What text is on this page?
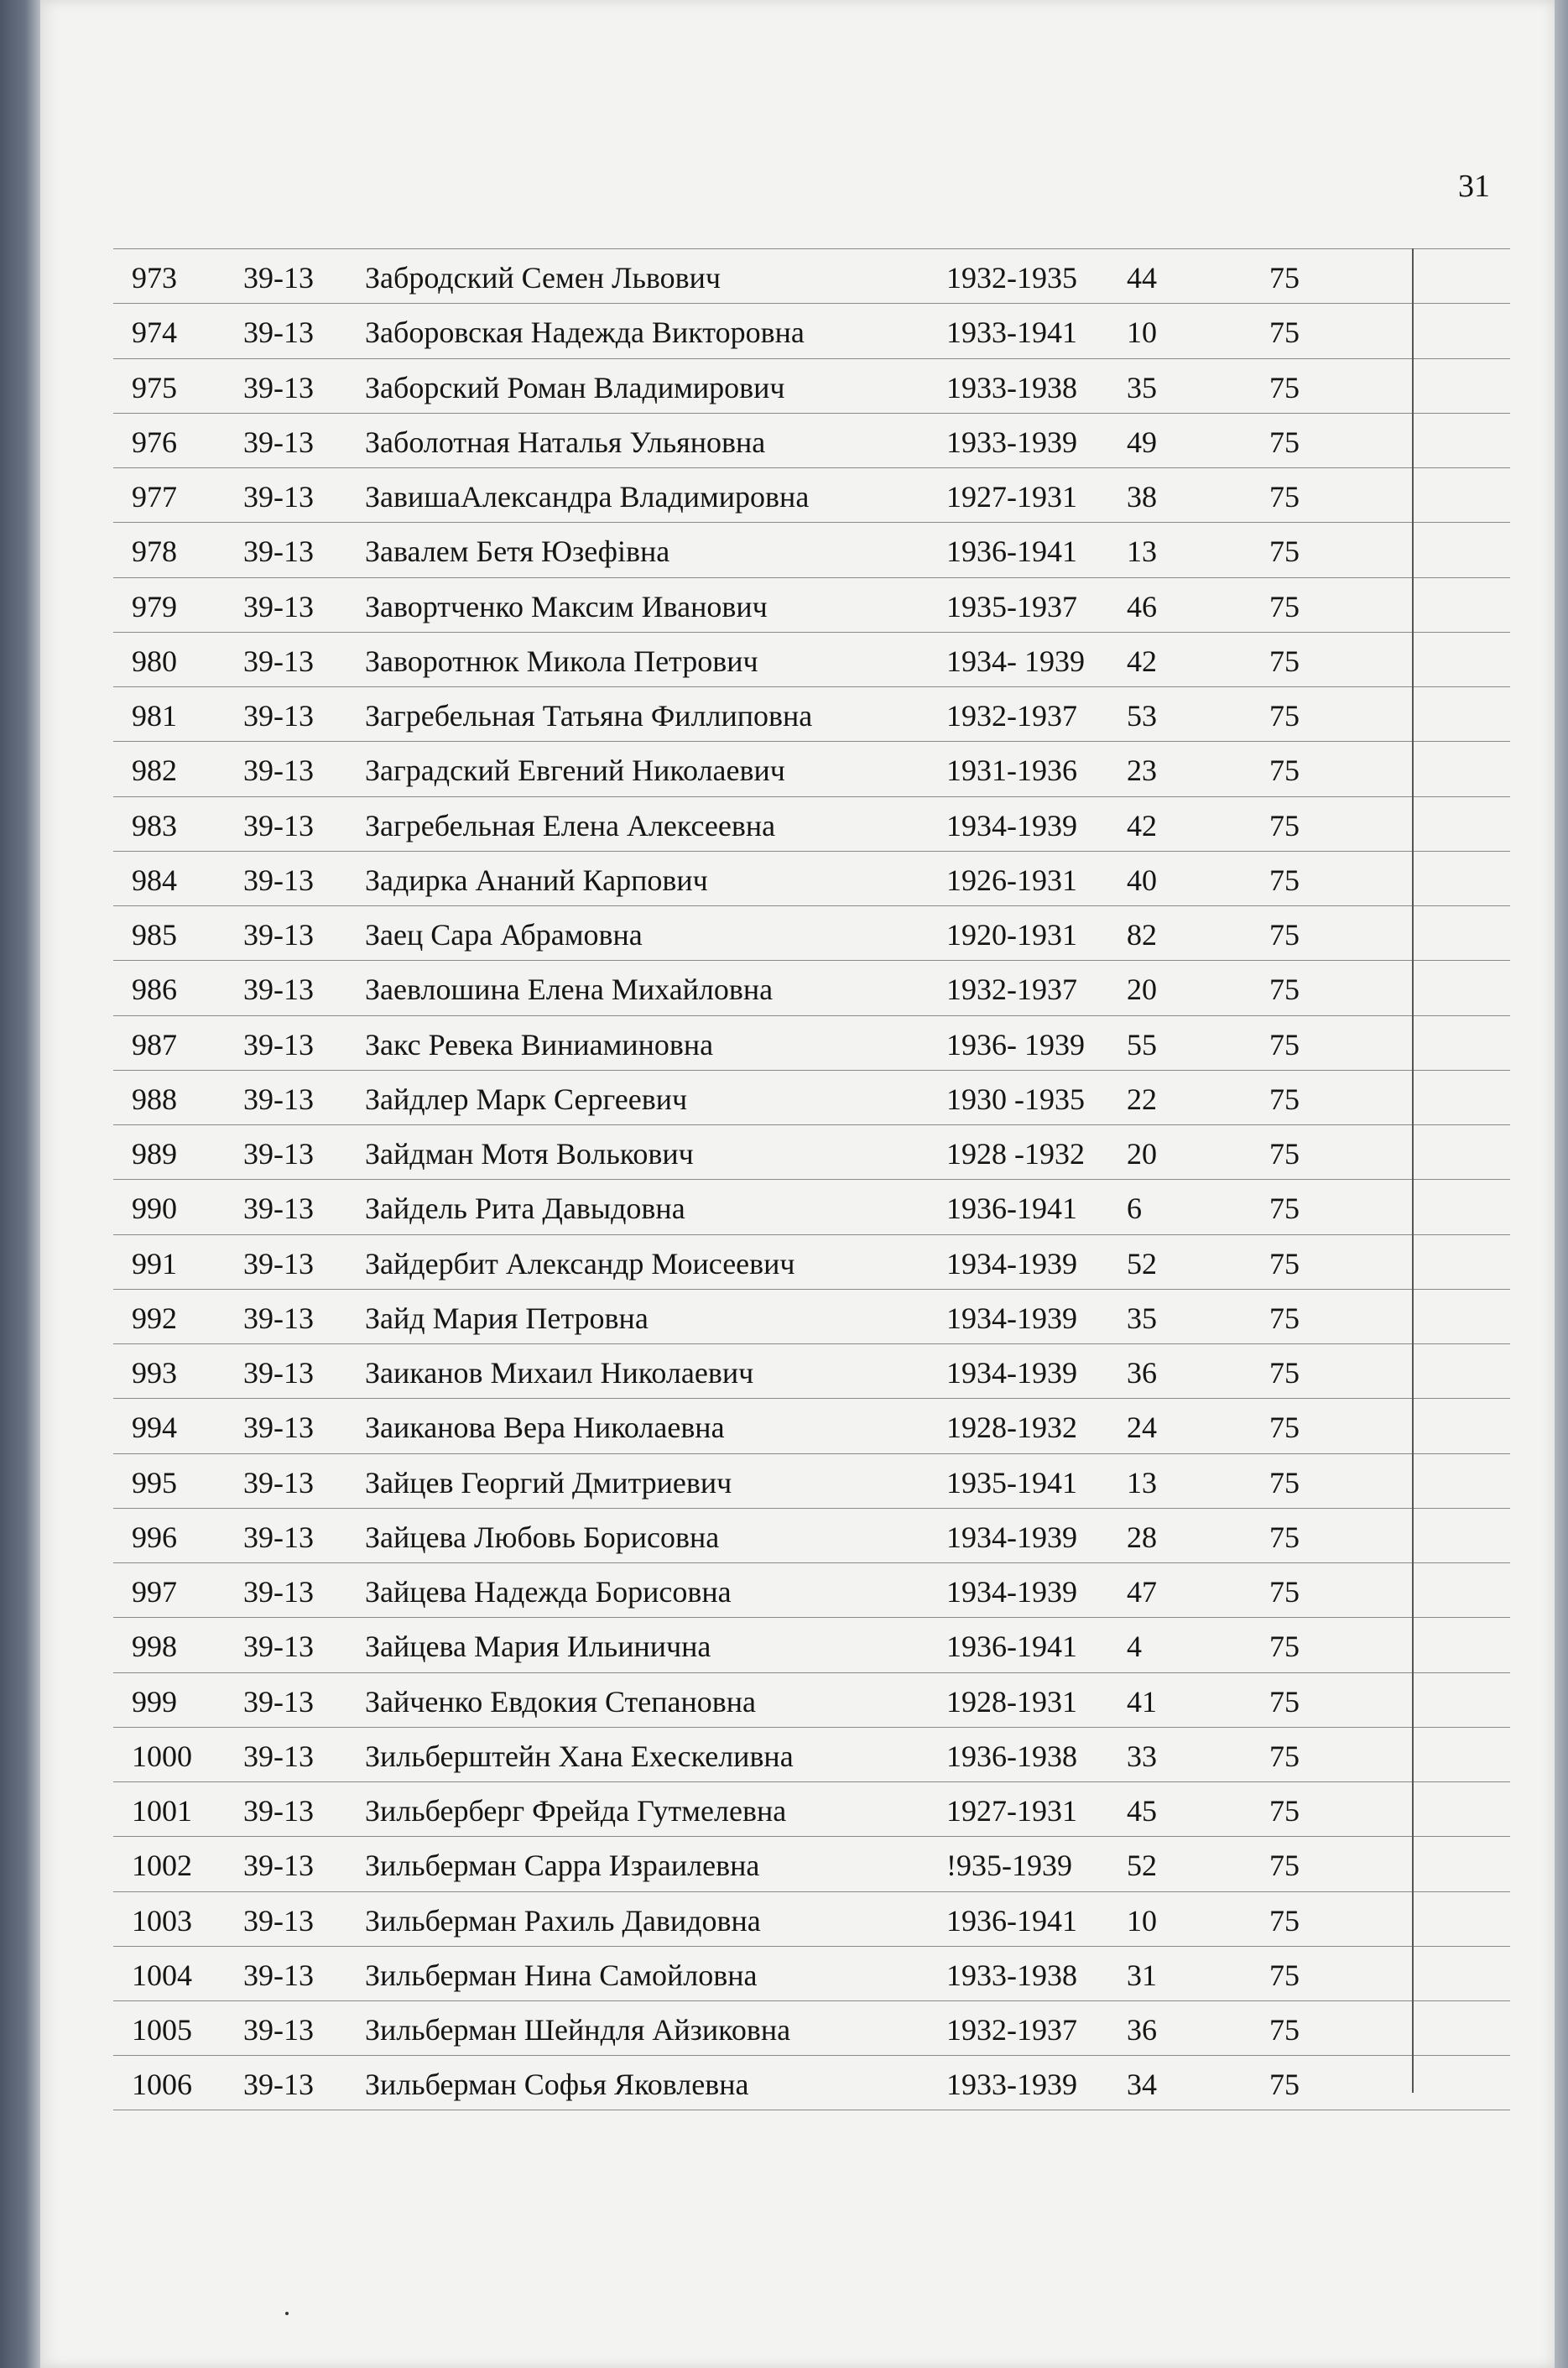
31
973 39-13 Забродский Семен Львович	1932-1935 44	75
974 39-13 Заборовская Надежда Викторовна	1933-1941 10	75
975 39-13 Заборский Роман Владимирович	1933-1938 35	75
976 39-13 Заболотная Наталья Ульяновна	1933-1939 49	75
977 39-13 ЗавишаАлександра Владимировна	1927-1931 38	75
978 39-13 Завалем Бетя Юзефівна	1936-1941 13	75
979 39-13 Завортченко Максим Иванович	1935-1937 46	75
980 39-13 Заворотнюк Микола Петрович	1934- 1939 42	75
981 39-13 Загребельная Татьяна Филлиповна	1932-1937 53	75
982 39-13 Заградский Евгений Николаевич	1931-1936 23	75
983 39-13 Загребельная Елена Алексеевна	1934-1939 42	75
984 39-13 Задирка Ананий Карпович	1926-1931 40	75
985 39-13 Заец Сара Абрамовна	1920-1931 82	75
986 39-13 Заевлошина Елена Михайловна	1932-1937 20	75
987 39-13 Закс Ревека Виниаминовна	1936- 1939 55	75
988 39-13 Зайдлер Марк Сергеевич	1930 -1935 22	75
989 39-13 Зайдман Мотя Волькович	1928 -1932 20	75
990 39-13 Зайдель Рита Давыдовна	1936-1941 6	75
991 39-13 Зайдербит Александр Моисеевич	1934-1939 52	75
992 39-13 Зайд Мария Петровна	1934-1939 35	75
993 39-13 Заиканов Михаил Николаевич	1934-1939 36	75
994 39-13 Заиканова Вера Николаевна	1928-1932 24	75
995 39-13 Зайцев Георгий Дмитриевич	1935-1941 13	75
996 39-13 Зайцева Любовь Борисовна	1934-1939 28	75
997 39-13 Зайцева Надежда Борисовна	1934-1939 47	75
998 39-13 Зайцева Мария Ильинична	1936-1941 4	75
999 39-13 Зайченко Евдокия Степановна	1928-1931 41	75
1000 39-13 Зильберштейн Хана Ехескеливна	1936-1938 33	75
1001 39-13 Зильберберг Фрейда Гутмелевна	1927-1931 45	75
1002 39-13 Зильберман Сарра Израилевна	!935-1939 52	75
1003 39-13 Зильберман Рахиль Давидовна	1936-1941 10	75
1004 39-13 Зильберман Нина Самойловна	1933-1938 31	75
1005 39-13 Зильберман Шейндля Айзиковна	1932-1937 36	75
1006 39-13 Зильберман Софья Яковлевна	1933-1939 34	75
